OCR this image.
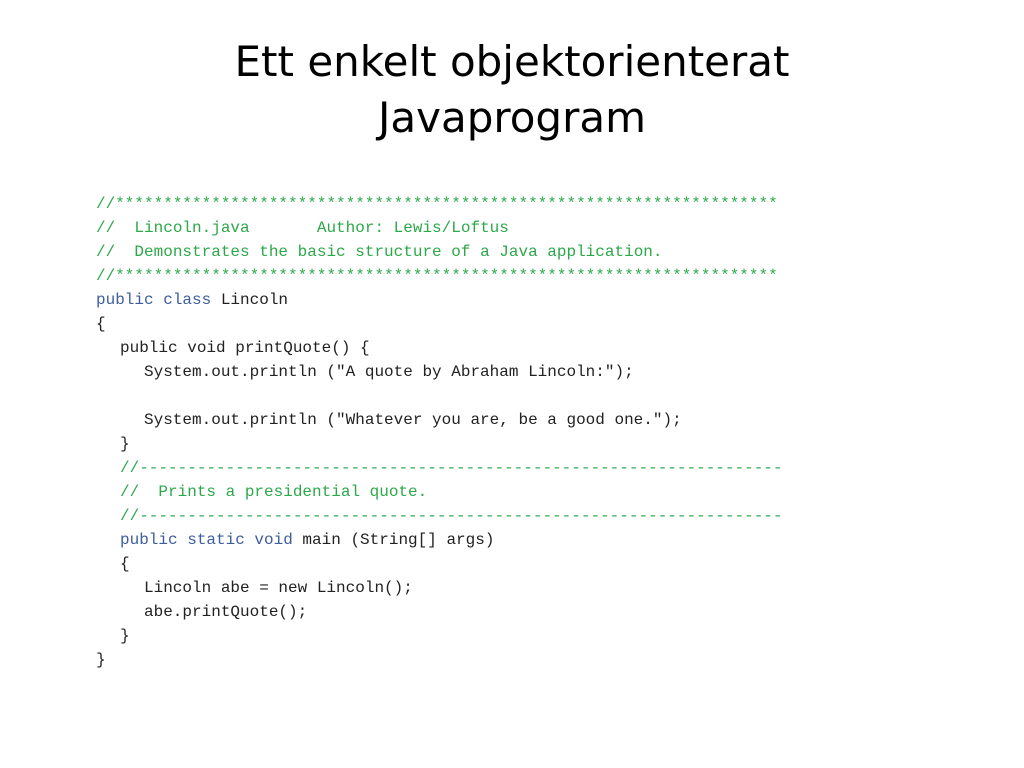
Ett enkelt objektorienterat
Javaprogram
//*********************************************************************
//  Lincoln.java       Author: Lewis/Loftus
//  Demonstrates the basic structure of a Java application.
//*********************************************************************
public class Lincoln
{
public void printQuote() {
System.out.println ("A quote by Abraham Lincoln:");
System.out.println ("Whatever you are, be a good one.");
}
//-------------------------------------------------------------------
//  Prints a presidential quote.
//-------------------------------------------------------------------
public static void main (String[] args)
{
Lincoln abe = new Lincoln();
abe.printQuote();
}
}
